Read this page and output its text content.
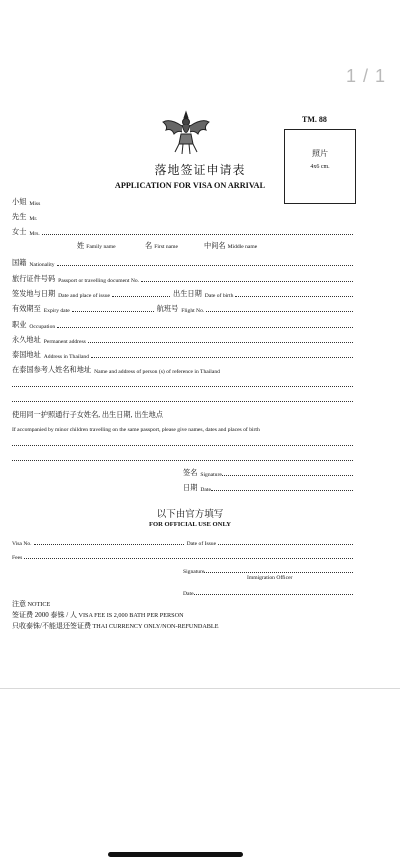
1 / 1
TM. 88
照片
4x6 cm.
落地签证申请表
APPLICATION FOR VISA ON ARRIVAL
小姐 Miss
先生 Mr.
女士 Mrs.
姓 Family name	名 First name	中间名 Middle name
国籍 Nationality
旅行证件号码 Passport or travelling document No.
签发地与日期 Date and place of issue	出生日期 Date of birth
有效期至 Expiry date	航班号 Flight No.
职业 Occupation
永久地址 Permanent address
泰国地址 Address in Thailand
在泰国参考人姓名和地址 Name and address of person (s) of reference in Thailand
使用同一护照通行子女姓名, 出生日期, 出生地点
If accompanied by minor children travelling on the same passport, please give names, dates and places of birth
签名 Signature
日期 Date
以下由官方填写
FOR OFFICIAL USE ONLY
Visa No.	Date of Issue
Fees
Signature
Immigration Officer
Date
注意 NOTICE
签证费 2000 泰铢 / 人 VISA FEE IS 2,000 BATH PER PERSON
只收泰铢/不能退还签证费 THAI CURRENCY ONLY/NON-REFUNDABLE
